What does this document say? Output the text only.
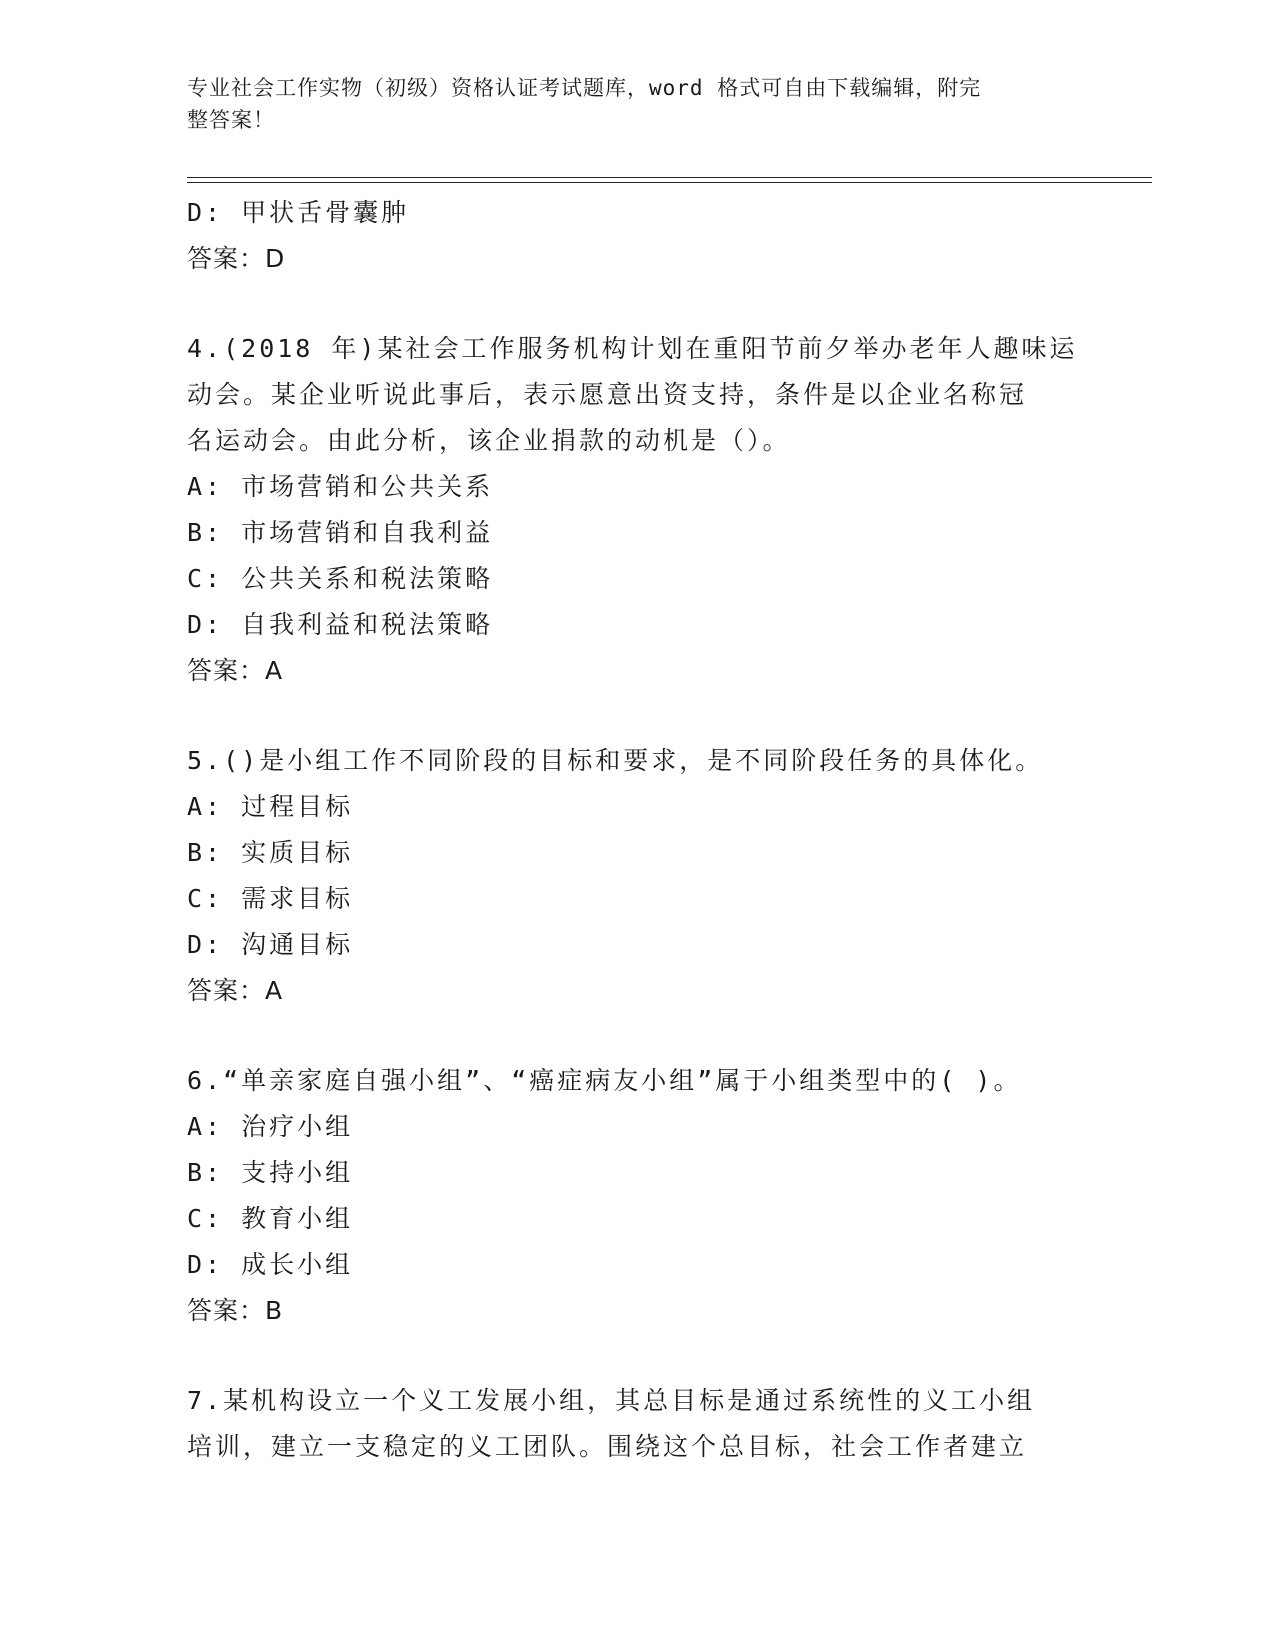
专业社会工作实物（初级）资格认证考试题库，word 格式可自由下载编辑，附完
整答案！
D: 甲状舌骨囊肿
答案：D
4.(2018 年)某社会工作服务机构计划在重阳节前夕举办老年人趣味运
动会。某企业听说此事后，表示愿意出资支持，条件是以企业名称冠
名运动会。由此分析，该企业捐款的动机是（）。
A: 市场营销和公共关系
B: 市场营销和自我利益
C: 公共关系和税法策略
D: 自我利益和税法策略
答案：A
5.()是小组工作不同阶段的目标和要求，是不同阶段任务的具体化。
A: 过程目标
B: 实质目标
C: 需求目标
D: 沟通目标
答案：A
6.“单亲家庭自强小组”、“癌症病友小组”属于小组类型中的( )。
A: 治疗小组
B: 支持小组
C: 教育小组
D: 成长小组
答案：B
7.某机构设立一个义工发展小组，其总目标是通过系统性的义工小组
培训，建立一支稳定的义工团队。围绕这个总目标，社会工作者建立
